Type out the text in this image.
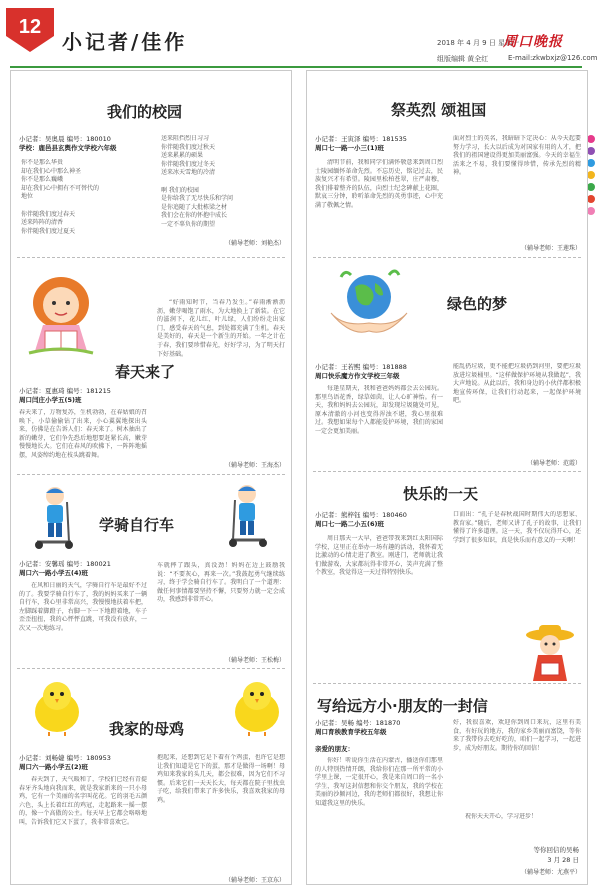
12
小记者/佳作	2018 年 4 月 9 日 星期一
周口晚报
组版编辑 黄全红	E-mail:zkwbxjz@126.com
我们的校园
小记者：吴奥晨 编号：180010
学校：鹿邑县玄舆作文学校六年级
你不是那么华贵
却在我们心中那么神圣
你不是那么巍峨
却在我们心中拥有不可替代的
地位

你伴随我们度过春天
送来阵阵的清香
你伴随我们度过夏天
送来阻挡烈日习习
你伴随我们度过秋天
送来累累的硕果
你伴随我们度过冬天
送来冰天雪地的冷清

啊 我们的校园
是你给我了无尽快乐和学问
是你追随了大批栋梁之材
我们会在你的怀抱中成长
一定不辜负你的期望
（辅导老师：刘艳杰）
春天来了
小记者：夏惠琦 编号：181215
周口闫庄小学五(5)班
春天来了，万物复苏，生机勃勃，在春姑娘的召唤下，小草偷偷钻了出来，小心翼翼地探出头来，仿佛是在告诉人们：春天来了。树木抽出了新的嫩芽，它们争先恐后地想要赶紧长高，嫩芽慢慢地长大。它们在春风的吹拂下，一阵阵地摇摆，风姿绰约地在枝头跳着舞。
“好雨知时节，当春乃发生。”春雨淅淅沥沥，嫩芽喝饱了雨水，为大地换上了新装。在它的滋润下，花儿红、叶儿绿，人们纷纷走出家门，感受春天的气息，到处都充满了生机。春天是美好的，春天是一个新生的开始。一年之计在于春，我们要珍惜春光，好好学习，为了明天打下好基础。
（辅导老师：王海杰）
学骑自行车
小记者：安馨瑶 编号：180021
周口六一路小学五(4)班
在风和日丽的天气，学骑自行车是最好不过的了。我要学骑自行车了，我的妈妈买来了一辆自行车，我心里非常高兴，我慢慢地扶着车把，左脚踩着脚蹬子，右脚一下一下地蹬着地，车子歪歪扭扭，我的心怦怦直跳，可我没有放弃，一次又一次地练习。
车就摔了跟头，真没劲！妈妈在边上鼓励我说：“不要灰心，再来一次。”我鼓起勇气继续练习，终于学会骑自行车了。我明白了一个道理：做任何事情都要坚持不懈，只要努力就一定会成功，我感到非常开心。
（辅导老师：王松梅）
我家的母鸡
小记者：刘畅婕 编号：180953
周口六一路小学五(2)班
春天到了，天气暖和了，学校们已经有青提春牙齐头地向我而来，就是我家新来的一只小母鸡，它有一个美丽的名字叫花花。它的羽毛五颜六色，头上长着红红的鸡冠，走起路来一摇一摆的，像一个高傲的公主。每天早上它都会咯咯地叫，告诉我们它又下蛋了，我非常喜欢它。
抱起来，还想到它是下着有个鸡蛋，也许它是想让我们知道是它下的蛋，那才是做得一场啊！母鸡知来我家的头几天，都会很难，因为它们不习惯。后来它们一天天长大，每天都在院子里找虫子吃，给我们带来了许多快乐，我喜欢我家的母鸡。
（辅导老师：王京东）
祭英烈 颂祖国
小记者：王寅泽 编号：181535
周口七一路一小三(1)班
清明节前，我和同学们满怀敬意来到周口烈士陵园缅怀革命先烈。不忘历史，铭记过去，民族复兴才有希望。陵园里松柏苍翠，庄严肃穆，我们排着整齐的队伍，向烈士纪念碑献上花圈，默哀三分钟，聆听革命先烈的英勇事迹，心中充满了敬佩之情。
面对烈士的英名，我暗暗下定决心：从今天起要努力学习，长大以后成为对国家有用的人才，把我们的祖国建设得更加美丽富强。今天的幸福生活来之不易，我们要懂得珍惜，传承先烈的精神。
（辅导老师：王莲珠）
绿色的梦
小记者：王若熙 编号：181888
周口快乐魔方作文学校三年级
每逢星期天，我和爸爸妈妈都会去公园玩。那里鸟语花香，绿草如茵，让人心旷神怡。有一天，我和妈妈去公园玩，却发现垃圾随处可见，原本清澈的小河也变得浑浊不堪，我心里很难过。我想如果每个人都能爱护环境，我们的家园一定会更加美丽。
能乱扔垃圾，更不能把垃圾扔到河里，要把垃圾放进垃圾桶里。“这样做保护环境从我做起”，我大声地说。从此以后，我和身边的小伙伴都积极地宣传环保，让我们行动起来，一起保护环境吧。
（辅导老师：范霞）
快乐的一天
小记者：熊梓钰 编号：180460
周口七一路二小五(6)班
周日那天一大早，爸爸带我来到红太阳国际学校，这里正在举办一场有趣的活动，我怀着无比激动的心情走进了教室。刚进门，老师就让我们做游戏，大家都玩得非常开心，笑声充满了整个教室，我觉得这一天过得特别快乐。
口而出：“孔子是春秋战国时期伟大的思想家、教育家。”随后，老师又讲了孔子的故事，让我们懂得了许多道理。这一天，我不仅玩得开心，还学到了很多知识，真是快乐而有意义的一天啊！
写给远方小·朋友的一封信
小记者：吴畅 编号：181870
周口育秧教育学校五年级
亲爱的朋友：
你好！听说你生活在内蒙古，播送你们那里的人特别热情开朗，我给你们在那一所平常的小学里上课，一定很开心，我是来自周口的一名小学生，我写这封信想和你交个朋友，我的学校在美丽的沙颍河边，我的老师们都很好，我想让你知道我这里的快乐。
好，我很喜欢，欢迎你到周口来玩，这里有美食，有好玩的地方，我的家乡美丽而富饶，等你来了我带你去吃好吃的，咱们一起学习，一起进步，成为好朋友。期待你的回信！
祝你天天开心，学习进步！
等你回信的吴畅
3 月 28 日
（辅导老师：尤燕平）
